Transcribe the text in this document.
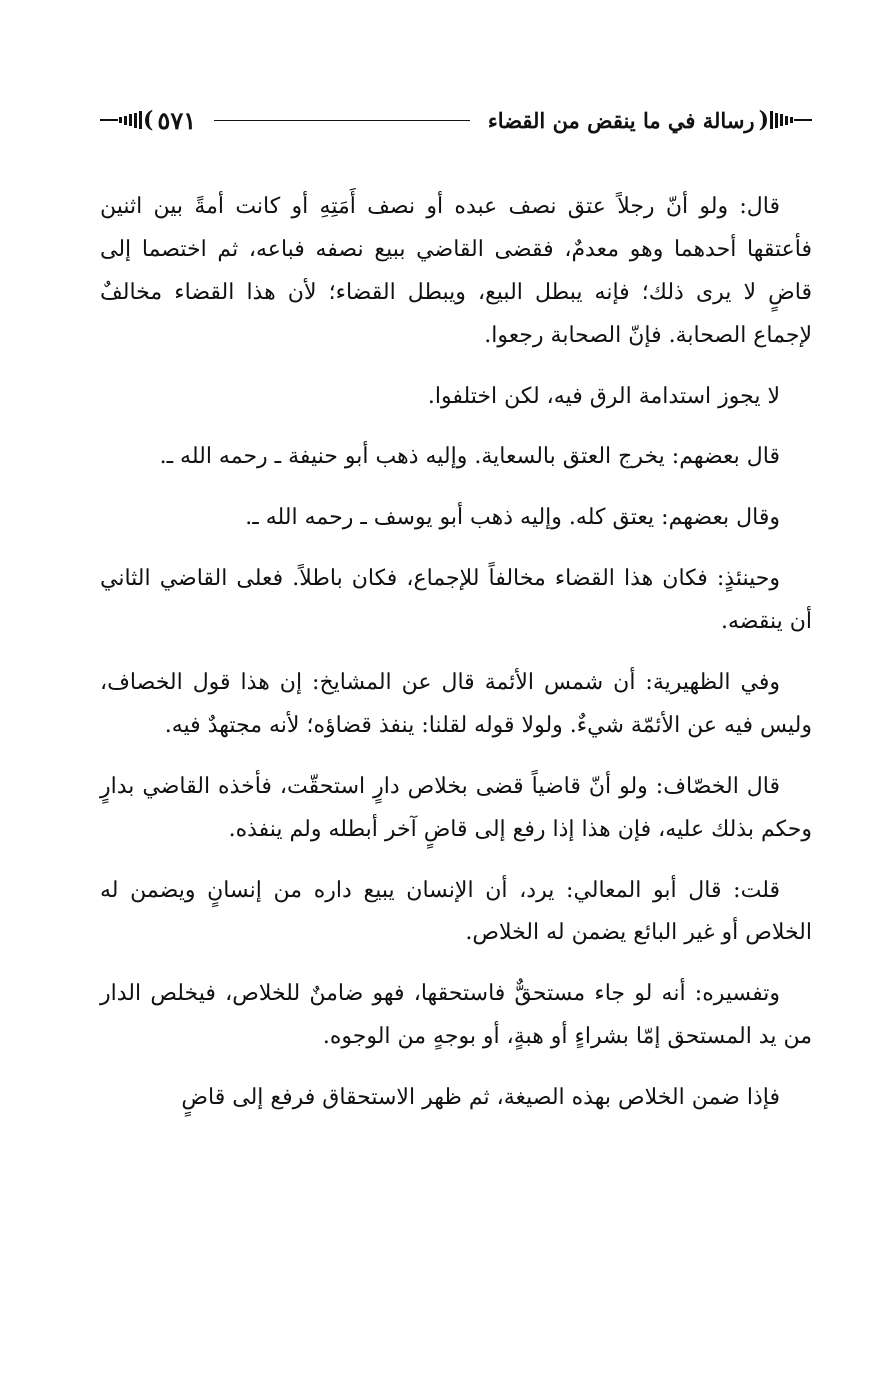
(
رسالة في ما ينقض من القضاء
٥٧١
)

قال: ولو أنّ رجلاً عتق نصف عبده أو نصف أَمَتِهِ أو كانت أمةً بين اثنين فأعتقها أحدهما وهو معدمٌ، فقضى القاضي ببيع نصفه فباعه، ثم اختصما إلى قاضٍ لا يرى ذلك؛ فإنه يبطل البيع، ويبطل القضاء؛ لأن هذا القضاء مخالفٌ لإجماع الصحابة. فإنّ الصحابة رجعوا.

لا يجوز استدامة الرق فيه، لكن اختلفوا.

قال بعضهم: يخرج العتق بالسعاية. وإليه ذهب أبو حنيفة ـ رحمه الله ـ.

وقال بعضهم: يعتق كله. وإليه ذهب أبو يوسف ـ رحمه الله ـ.

وحينئذٍ: فكان هذا القضاء مخالفاً للإجماع، فكان باطلاً. فعلى القاضي الثاني أن ينقضه.

وفي الظهيرية: أن شمس الأئمة قال عن المشايخ: إن هذا قول الخصاف، وليس فيه عن الأئمّة شيءٌ. ولولا قوله لقلنا: ينفذ قضاؤه؛ لأنه مجتهدٌ فيه.

قال الخصّاف: ولو أنّ قاضياً قضى بخلاص دارٍ استحقّت، فأخذه القاضي بدارٍ وحكم بذلك عليه، فإن هذا إذا رفع إلى قاضٍ آخر أبطله ولم ينفذه.

قلت: قال أبو المعالي: يرد، أن الإنسان يبيع داره من إنسانٍ ويضمن له الخلاص أو غير البائع يضمن له الخلاص.

وتفسيره: أنه لو جاء مستحقٌّ فاستحقها، فهو ضامنٌ للخلاص، فيخلص الدار من يد المستحق إمّا بشراءٍ أو هبةٍ، أو بوجهٍ من الوجوه.

فإذا ضمن الخلاص بهذه الصيغة، ثم ظهر الاستحقاق فرفع إلى قاضٍ
